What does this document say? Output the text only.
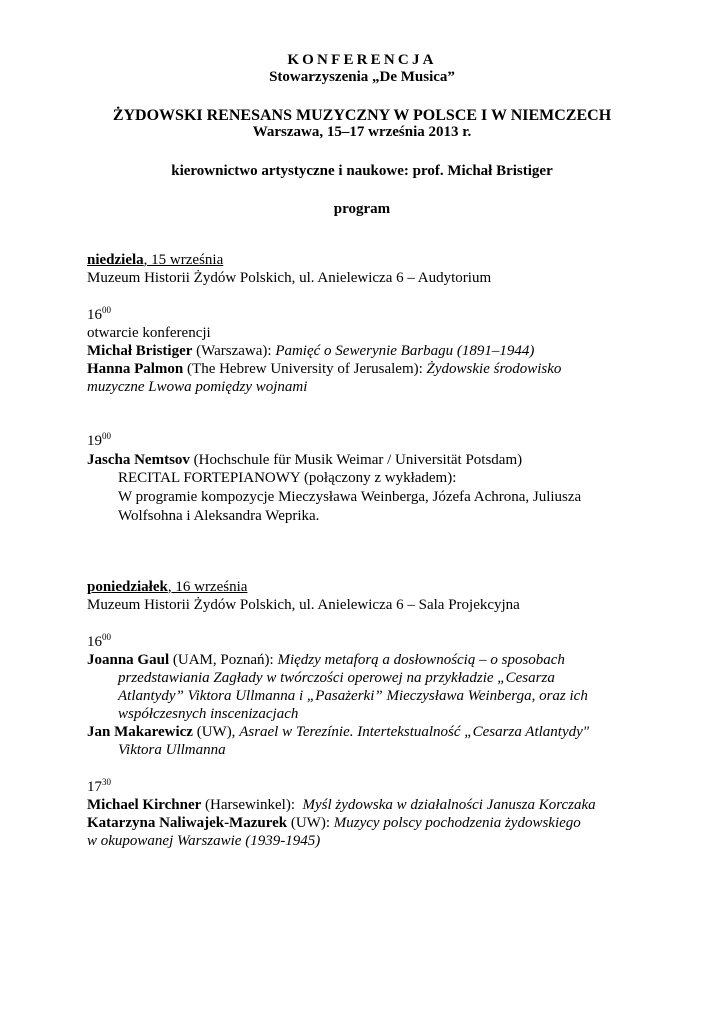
KONFERENCJA
Stowarzyszenia „De Musica”
ŻYDOWSKI RENESANS MUZYCZNY W POLSCE I W NIEMCZECH
Warszawa, 15–17 września 2013 r.
kierownictwo artystyczne i naukowe: prof. Michał Bristiger
program
niedziela, 15 września
Muzeum Historii Żydów Polskich, ul. Anielewicza 6 – Audytorium
$16^{00}$
otwarcie konferencji
Michał Bristiger (Warszawa): Pamięć o Sewerynie Barbagu (1891–1944)
Hanna Palmon (The Hebrew University of Jerusalem): Żydowskie środowisko
muzyczne Lwowa pomiędzy wojnami
$19^{00}$
Jascha Nemtsov (Hochschule für Musik Weimar / Universität Potsdam)
RECITAL FORTEPIANOWY (połączony z wykładem):
W programie kompozycje Mieczysława Weinberga, Józefa Achrona, Juliusza
Wolfsohna i Aleksandra Weprika.
poniedziałek, 16 września
Muzeum Historii Żydów Polskich, ul. Anielewicza 6 – Sala Projekcyjna
$16^{00}$
Joanna Gaul (UAM, Poznań): Między metaforą a dosłownością – o sposobach
przedstawiania Zagłady w twórczości operowej na przykładzie „Cesarza
Atlantydy” Viktora Ullmanna i „Pasażerki” Mieczysława Weinberga, oraz ich
współczesnych inscenizacjach
Jan Makarewicz (UW), Asrael w Terezínie. Intertekstualność „Cesarza Atlantydy"
Viktora Ullmanna
$17^{30}$
Michael Kirchner (Harsewinkel):  Myśl żydowska w działalności Janusza Korczaka
Katarzyna Naliwajek-Mazurek (UW): Muzycy polscy pochodzenia żydowskiego
w okupowanej Warszawie (1939-1945)
